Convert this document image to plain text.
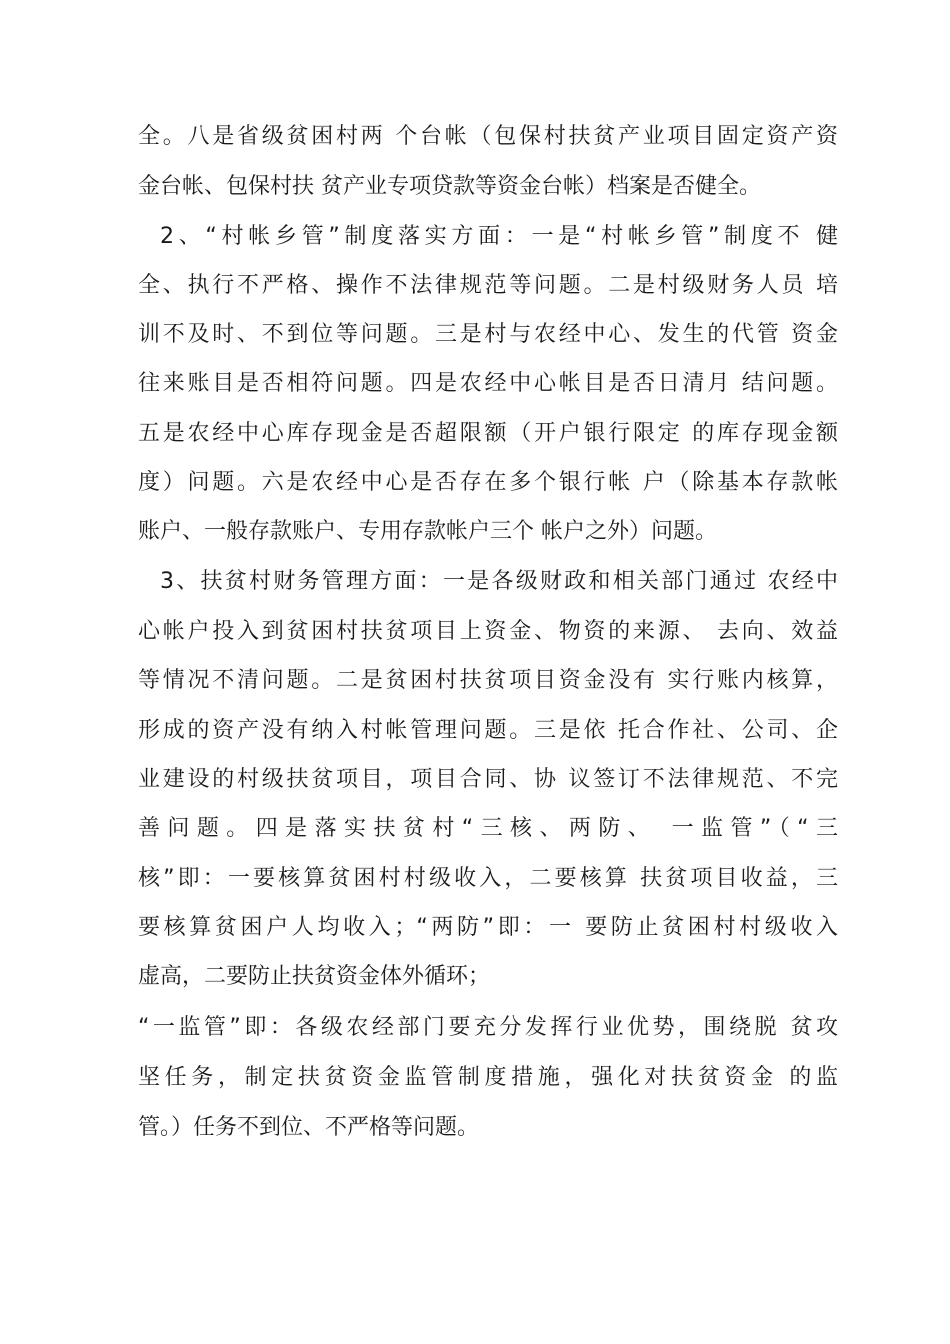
全。八是省级贫困村两 个台帐（包保村扶贫产业项目固定资产资
金台帐、包保村扶 贫产业专项贷款等资金台帐）档案是否健全。
2、“村帐乡管”制度落实方面：一是“村帐乡管”制度不 健
全、执行不严格、操作不法律规范等问题。二是村级财务人员 培
训不及时、不到位等问题。三是村与农经中心、发生的代管 资金
往来账目是否相符问题。四是农经中心帐目是否日清月 结问题。
五是农经中心库存现金是否超限额（开户银行限定 的库存现金额
度）问题。六是农经中心是否存在多个银行帐 户（除基本存款帐
账户、一般存款账户、专用存款帐户三个 帐户之外）问题。
3、扶贫村财务管理方面：一是各级财政和相关部门通过 农经中
心帐户投入到贫困村扶贫项目上资金、物资的来源、 去向、效益
等情况不清问题。二是贫困村扶贫项目资金没有 实行账内核算，
形成的资产没有纳入村帐管理问题。三是依 托合作社、公司、企
业建设的村级扶贫项目，项目合同、协 议签订不法律规范、不完
善问题。四是落实扶贫村“三核、两防、 一监管”（“三
核”即：一要核算贫困村村级收入，二要核算 扶贫项目收益，三
要核算贫困户人均收入；“两防”即：一 要防止贫困村村级收入
虚高，二要防止扶贫资金体外循环；
“一监管”即：各级农经部门要充分发挥行业优势，围绕脱 贫攻
坚任务，制定扶贫资金监管制度措施，强化对扶贫资金 的监
管。）任务不到位、不严格等问题。
